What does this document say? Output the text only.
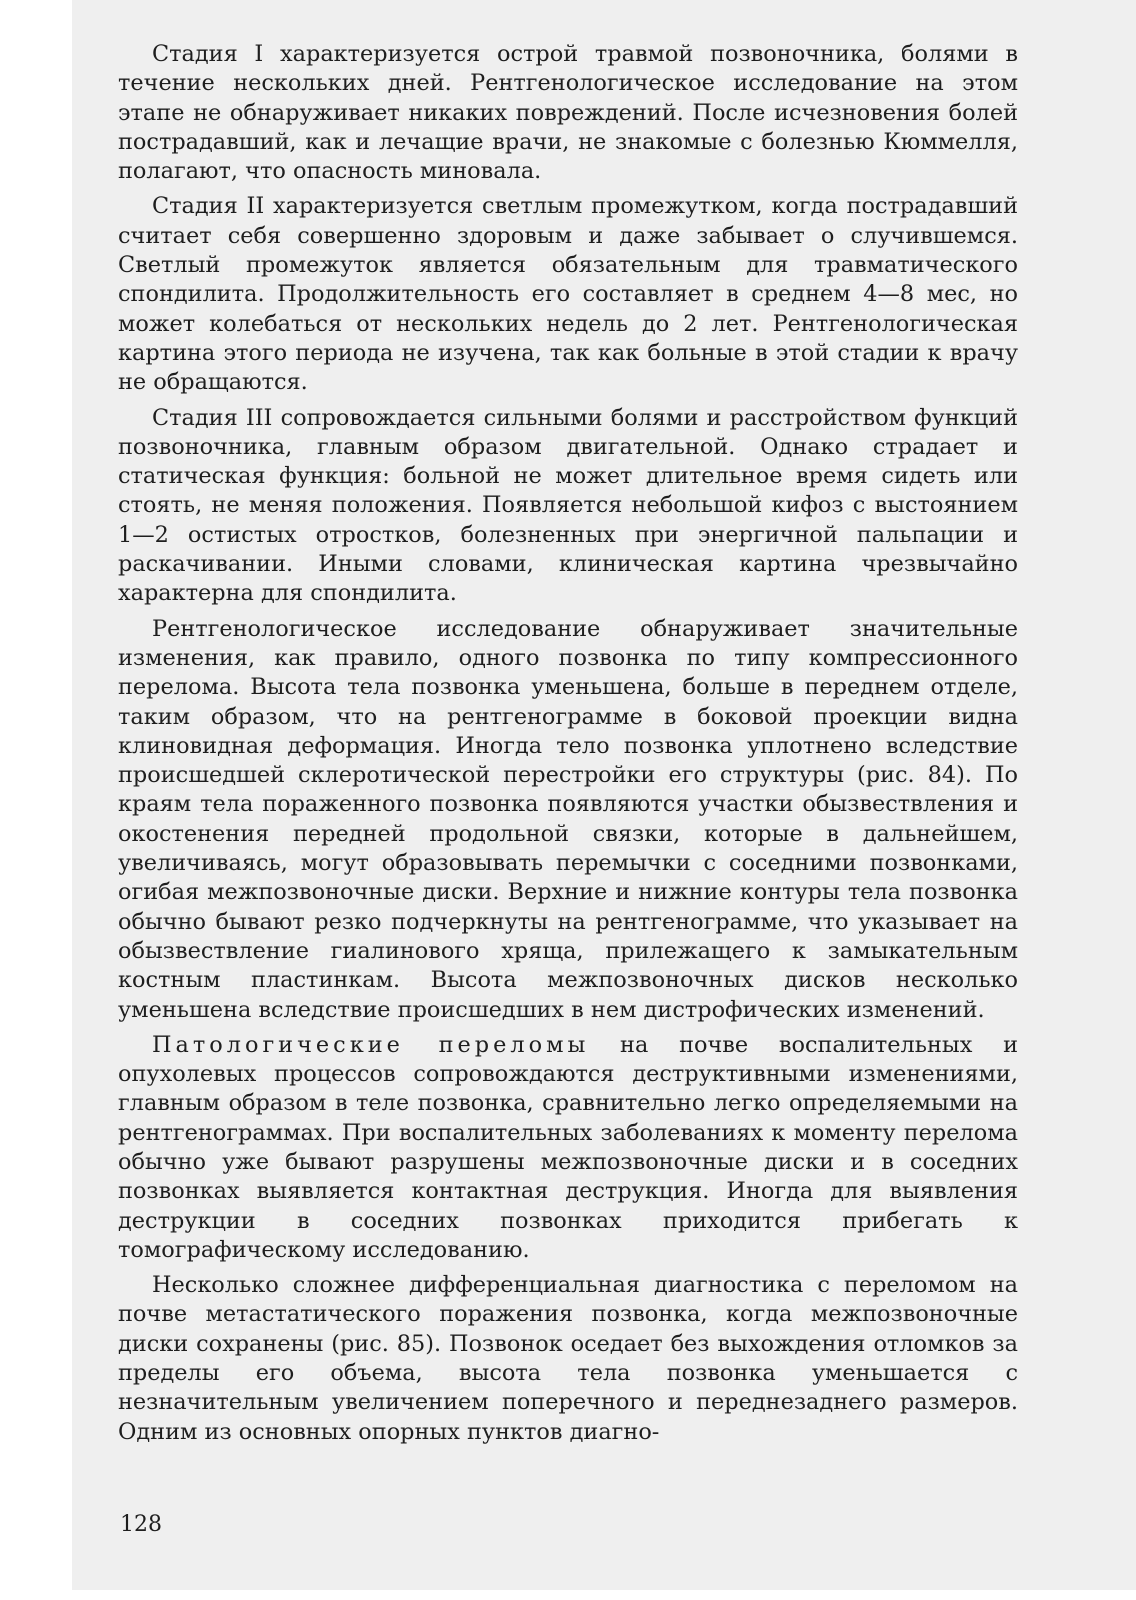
Стадия I характеризуется острой травмой позвоночника, болями в течение нескольких дней. Рентгенологическое исследование на этом этапе не обнаруживает никаких повреждений. После исчезновения болей пострадавший, как и лечащие врачи, не знакомые с болезнью Кюммелля, полагают, что опасность миновала.

Стадия II характеризуется светлым промежутком, когда пострадавший считает себя совершенно здоровым и даже забывает о случившемся. Светлый промежуток является обязательным для травматического спондилита. Продолжительность его составляет в среднем 4—8 мес, но может колебаться от нескольких недель до 2 лет. Рентгенологическая картина этого периода не изучена, так как больные в этой стадии к врачу не обращаются.

Стадия III сопровождается сильными болями и расстройством функций позвоночника, главным образом двигательной. Однако страдает и статическая функция: больной не может длительное время сидеть или стоять, не меняя положения. Появляется небольшой кифоз с выстоянием 1—2 остистых отростков, болезненных при энергичной пальпации и раскачивании. Иными словами, клиническая картина чрезвычайно характерна для спондилита.

Рентгенологическое исследование обнаруживает значительные изменения, как правило, одного позвонка по типу компрессионного перелома. Высота тела позвонка уменьшена, больше в переднем отделе, таким образом, что на рентгенограмме в боковой проекции видна клиновидная деформация. Иногда тело позвонка уплотнено вследствие происшедшей склеротической перестройки его структуры (рис. 84). По краям тела пораженного позвонка появляются участки обызвествления и окостенения передней продольной связки, которые в дальнейшем, увеличиваясь, могут образовывать перемычки с соседними позвонками, огибая межпозвоночные диски. Верхние и нижние контуры тела позвонка обычно бывают резко подчеркнуты на рентгенограмме, что указывает на обызвествление гиалинового хряща, прилежащего к замыкательным костным пластинкам. Высота межпозвоночных дисков несколько уменьшена вследствие происшедших в нем дистрофических изменений.

Патологические переломы на почве воспалительных и опухолевых процессов сопровождаются деструктивными изменениями, главным образом в теле позвонка, сравнительно легко определяемыми на рентгенограммах. При воспалительных заболеваниях к моменту перелома обычно уже бывают разрушены межпозвоночные диски и в соседних позвонках выявляется контактная деструкция. Иногда для выявления деструкции в соседних позвонках приходится прибегать к томографическому исследованию.

Несколько сложнее дифференциальная диагностика с переломом на почве метастатического поражения позвонка, когда межпозвоночные диски сохранены (рис. 85). Позвонок оседает без выхождения отломков за пределы его объема, высота тела позвонка уменьшается с незначительным увеличением поперечного и переднезаднего размеров. Одним из основных опорных пунктов диагно-

128
